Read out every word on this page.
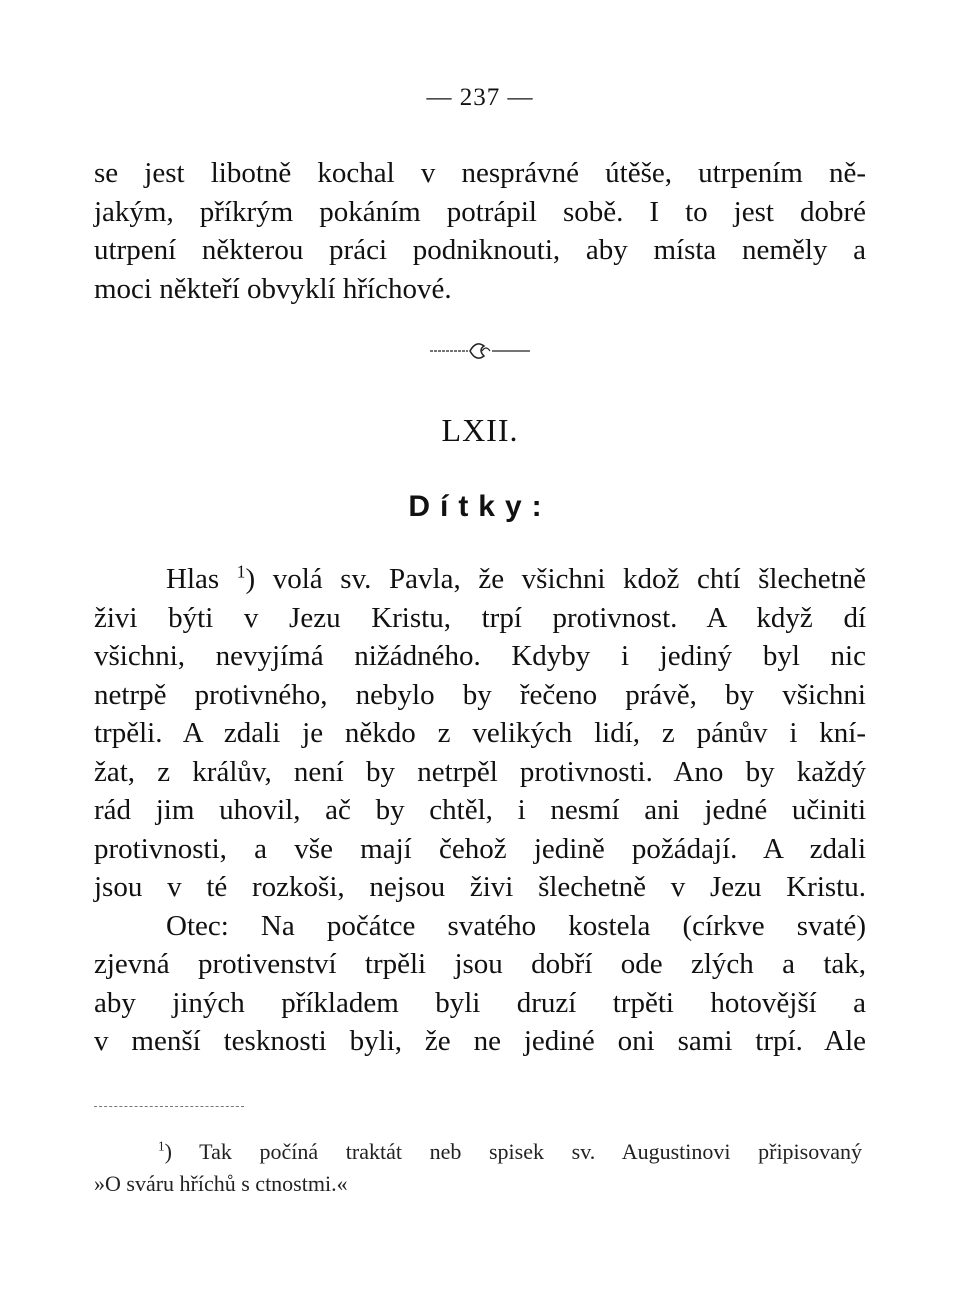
— 237 —
se jest libotně kochal v nesprávné útěše, utrpením ně-
jakým, příkrým pokáním potrápil sobě. I to jest dobré
utrpení některou práci podniknouti, aby místa neměly a
moci někteří obvyklí hříchové.
LXII.
Dítky:
Hlas $^1$) volá sv. Pavla, že všichni kdož chtí šlechetně
živi býti v Jezu Kristu, trpí protivnost. A když dí
všichni, nevyjímá nižádného. Kdyby i jediný byl nic
netrpě protivného, nebylo by řečeno právě, by všichni
trpěli. A zdali je někdo z velikých lidí, z pánův i kní-
žat, z králův, není by netrpěl protivnosti. Ano by každý
rád jim uhovil, ač by chtěl, i nesmí ani jedné učiniti
protivnosti, a vše mají čehož jedině požádají. A zdali
jsou v té rozkoši, nejsou živi šlechetně v Jezu Kristu.
Otec: Na počátce svatého kostela (církve svaté)
zjevná protivenství trpěli jsou dobří ode zlých a tak,
aby jiných příkladem byli druzí trpěti hotovější a
v menší tesknosti byli, že ne jediné oni sami trpí. Ale
$^1$) Tak počíná traktát neb spisek sv. Augustinovi připisovaný
»O sváru hříchů s ctnostmi.«
